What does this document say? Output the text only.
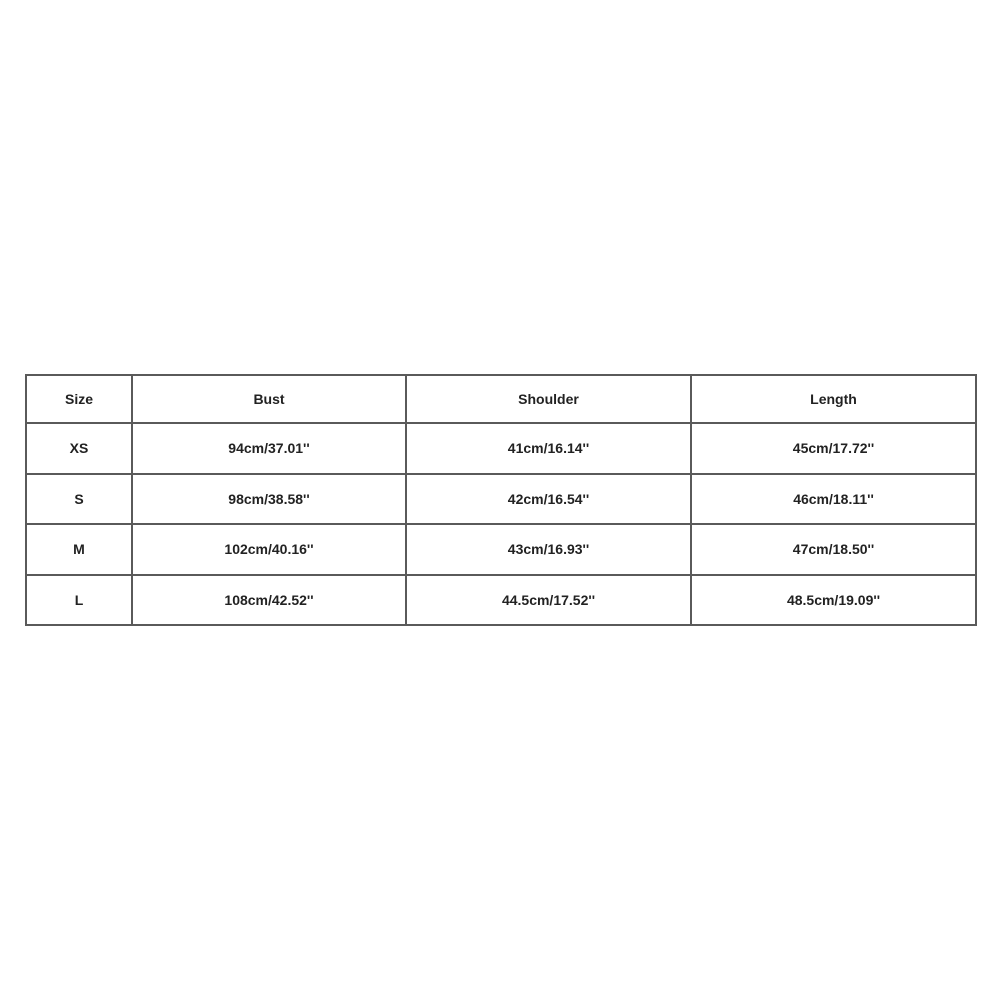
Size	Bust	Shoulder	Length
XS	94cm/37.01''	41cm/16.14''	45cm/17.72''
S	98cm/38.58''	42cm/16.54''	46cm/18.11''
M	102cm/40.16''	43cm/16.93''	47cm/18.50''
L	108cm/42.52''	44.5cm/17.52''	48.5cm/19.09''
